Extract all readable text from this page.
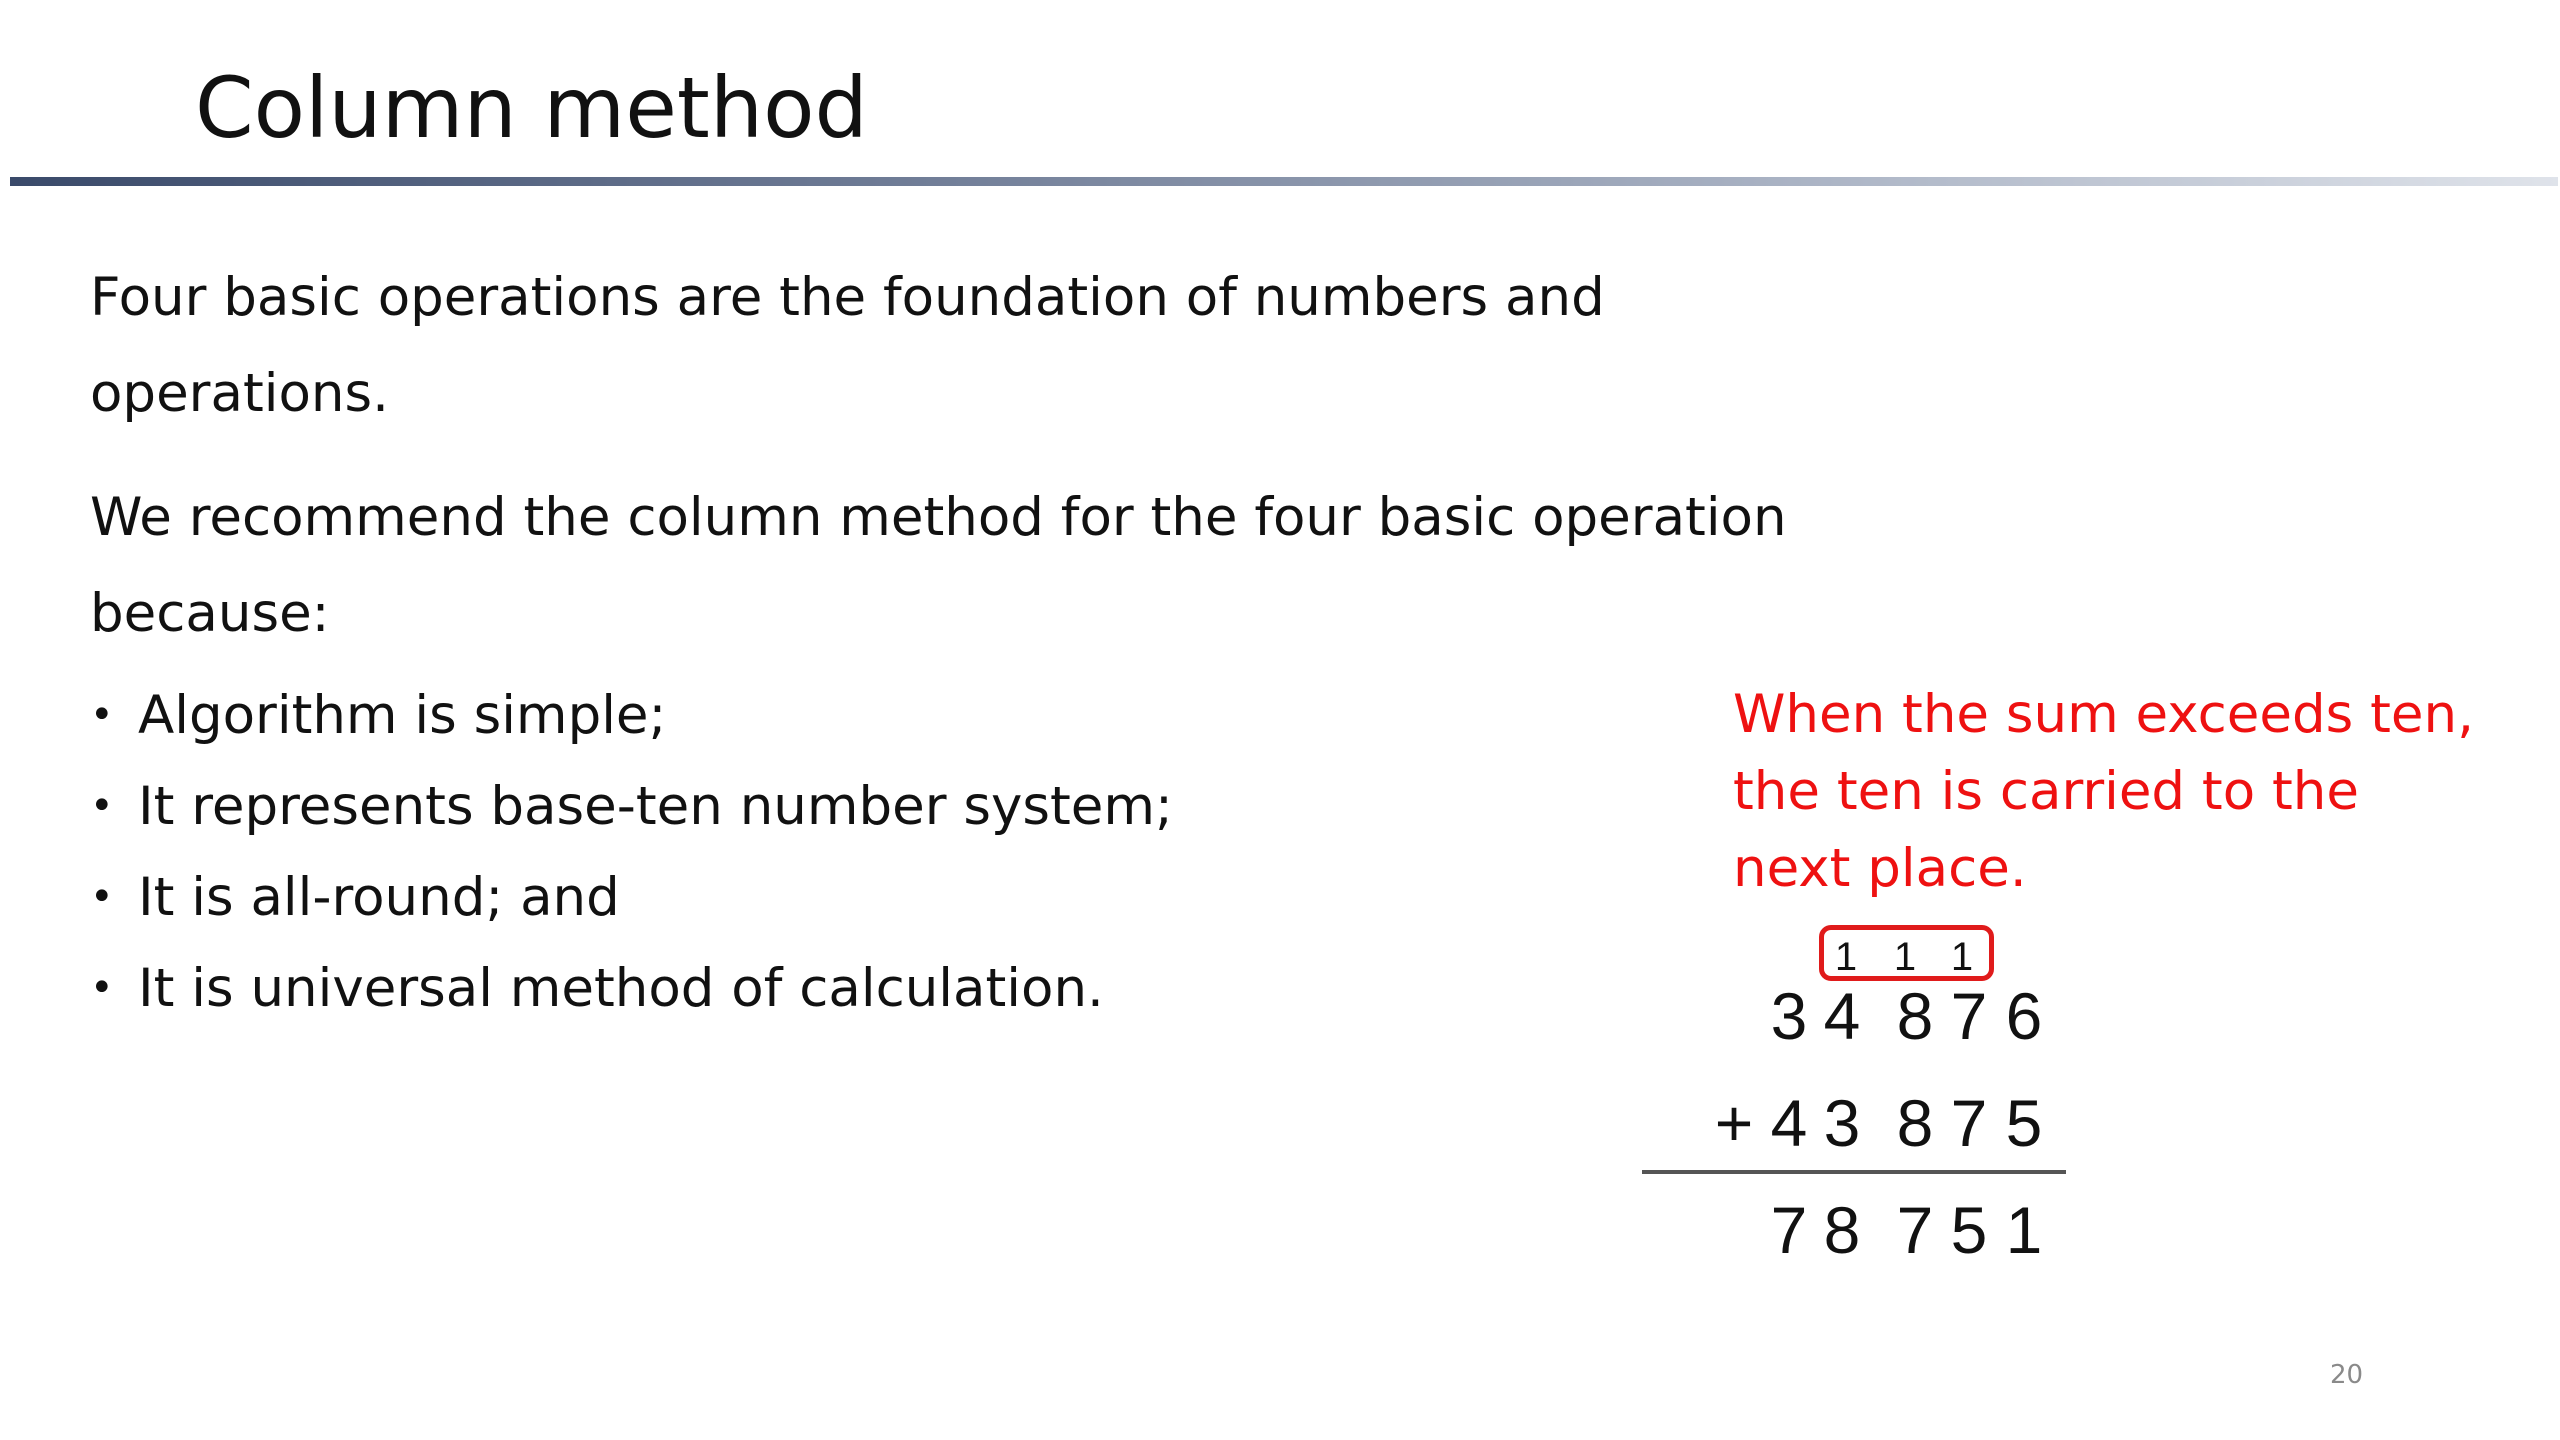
Column method

Four basic operations are the foundation of numbers and operations.

We recommend the column method for the four basic operation because:

• Algorithm is simple;
• It represents base-ten number system;
• It is all-round; and
• It is universal method of calculation.

When the sum exceeds ten, the ten is carried to the next place.

1 1 1
3 4 8 7 6
+ 4 3 8 7 5
7 8 7 5 1
20
